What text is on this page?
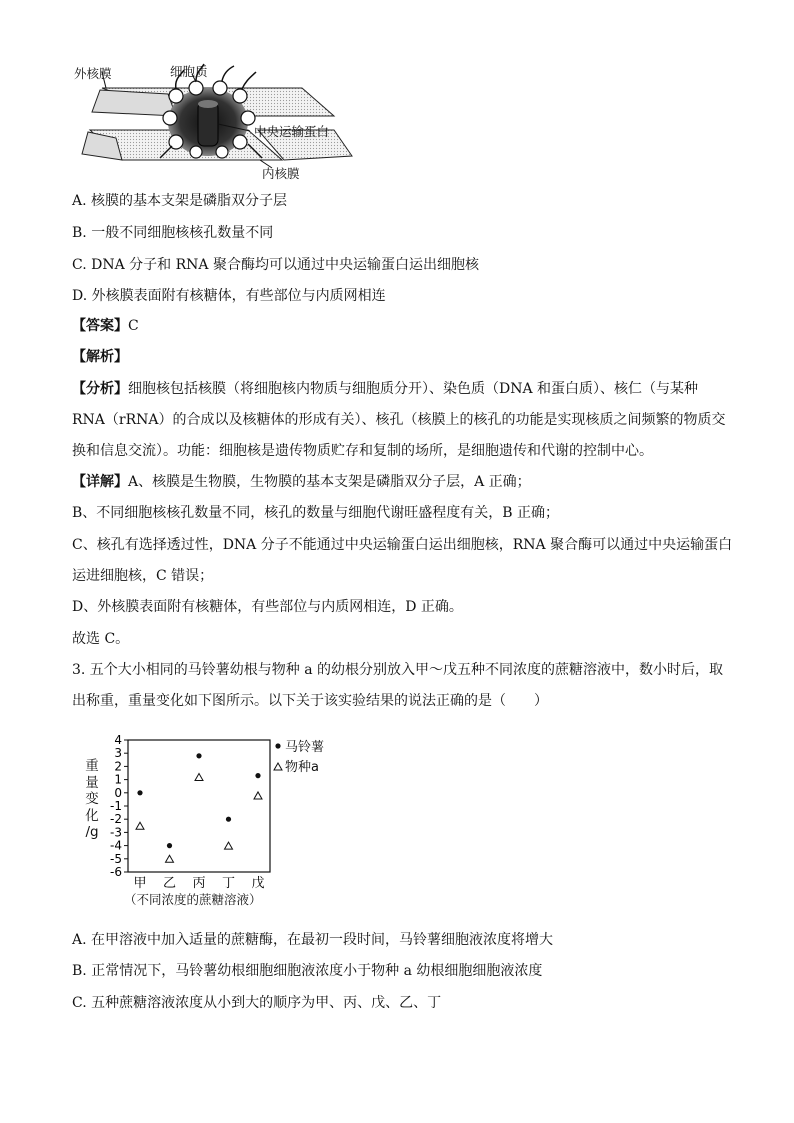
外核膜	细胞质
中央运输蛋白
内核膜
A. 核膜的基本支架是磷脂双分子层
B. 一般不同细胞核核孔数量不同
C. DNA 分子和 RNA 聚合酶均可以通过中央运输蛋白运出细胞核
D. 外核膜表面附有核糖体，有些部位与内质网相连
【答案】C
【解析】
【分析】细胞核包括核膜（将细胞核内物质与细胞质分开）、染色质（DNA 和蛋白质）、核仁（与某种
RNA（rRNA）的合成以及核糖体的形成有关）、核孔（核膜上的核孔的功能是实现核质之间频繁的物质交
换和信息交流）。功能：细胞核是遗传物质贮存和复制的场所，是细胞遗传和代谢的控制中心。
【详解】A、核膜是生物膜，生物膜的基本支架是磷脂双分子层，A 正确；
B、不同细胞核核孔数量不同，核孔的数量与细胞代谢旺盛程度有关，B 正确；
C、核孔有选择透过性，DNA 分子不能通过中央运输蛋白运出细胞核，RNA 聚合酶可以通过中央运输蛋白
运进细胞核，C 错误；
D、外核膜表面附有核糖体，有些部位与内质网相连，D 正确。
故选 C。
3. 五个大小相同的马铃薯幼根与物种 a 的幼根分别放入甲～戊五种不同浓度的蔗糖溶液中，数小时后，取
出称重，重量变化如下图所示。以下关于该实验结果的说法正确的是（　　）
4
3
2
1
0
-1
-2
-3
-4
-5
-6
甲 乙 丙 丁 戊
马铃薯
物种a
重
量
变
化
/g
（不同浓度的蔗糖溶液）
A. 在甲溶液中加入适量的蔗糖酶，在最初一段时间，马铃薯细胞液浓度将增大
B. 正常情况下，马铃薯幼根细胞细胞液浓度小于物种 a 幼根细胞细胞液浓度
C. 五种蔗糖溶液浓度从小到大的顺序为甲、丙、戊、乙、丁
